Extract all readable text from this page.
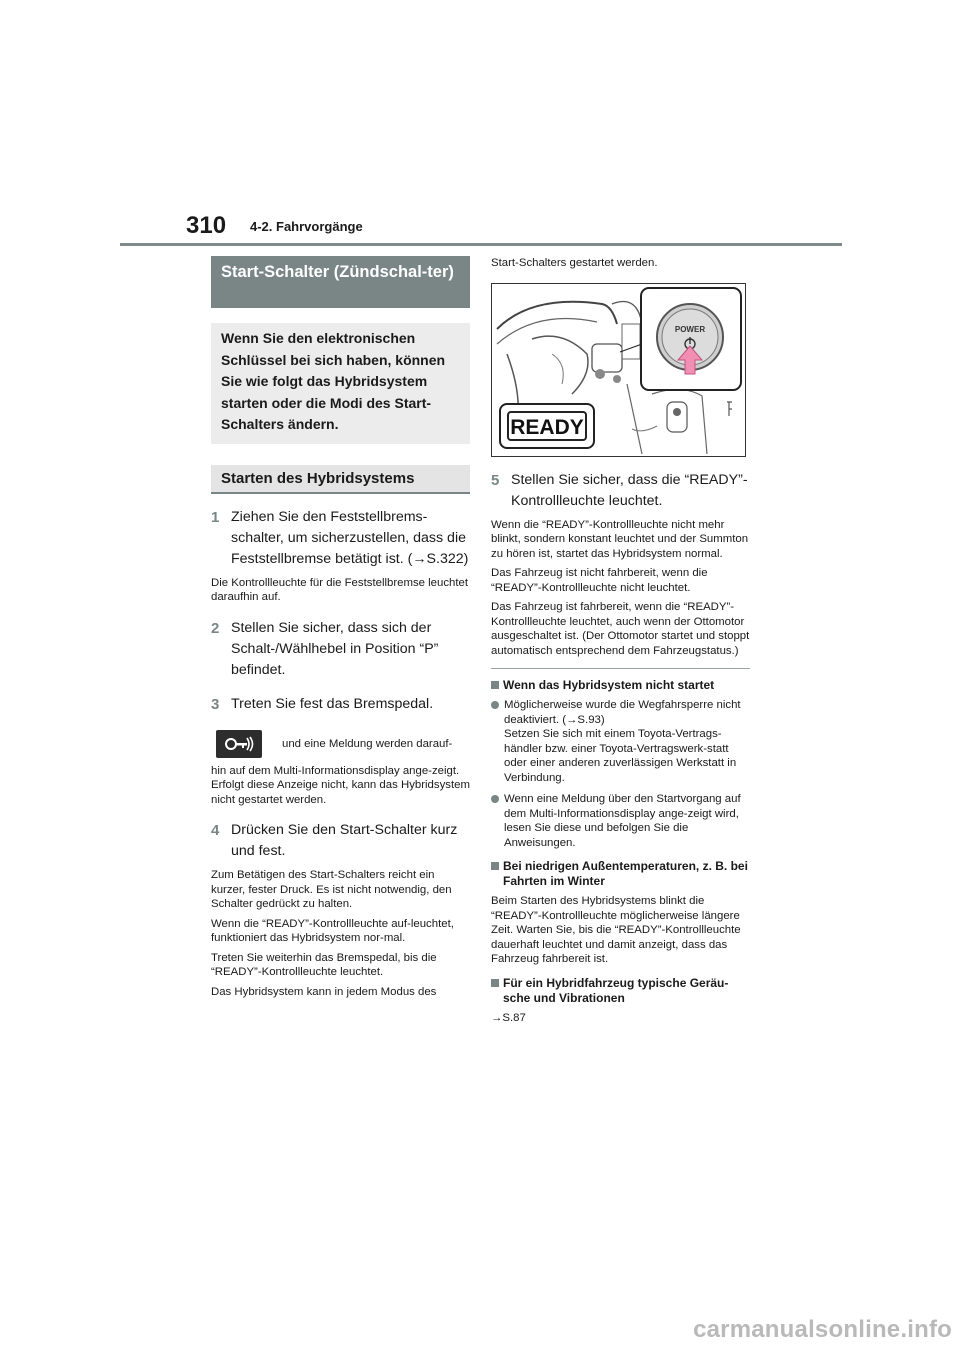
310 4-2. Fahrvorgänge
Start-Schalter (Zündschal-ter)
Wenn Sie den elektronischen Schlüssel bei sich haben, können Sie wie folgt das Hybridsystem starten oder die Modi des Start-Schalters ändern.
Starten des Hybridsystems
1 Ziehen Sie den Feststellbrems-schalter, um sicherzustellen, dass die Feststellbremse betätigt ist. (→S.322)

Die Kontrollleuchte für die Feststellbremse leuchtet daraufhin auf.

2 Stellen Sie sicher, dass sich der Schalt-/Wählhebel in Position “P” befindet.
3 Treten Sie fest das Bremspedal.
und eine Meldung werden darauf-

hin auf dem Multi-Informationsdisplay ange-zeigt.

Erfolgt diese Anzeige nicht, kann das Hybridsystem nicht gestartet werden.

4 Drücken Sie den Start-Schalter kurz und fest.

Zum Betätigen des Start-Schalters reicht ein kurzer, fester Druck. Es ist nicht notwendig, den Schalter gedrückt zu halten.

Wenn die “READY”-Kontrollleuchte auf-leuchtet, funktioniert das Hybridsystem nor-mal.

Treten Sie weiterhin das Bremspedal, bis die “READY”-Kontrollleuchte leuchtet.

Das Hybridsystem kann in jedem Modus des

Start-Schalters gestartet werden.

POWER
READY
5 Stellen Sie sicher, dass die “READY”-Kontrollleuchte leuchtet.

Wenn die “READY”-Kontrollleuchte nicht mehr blinkt, sondern konstant leuchtet und der Summton zu hören ist, startet das Hybridsystem normal.

Das Fahrzeug ist nicht fahrbereit, wenn die “READY”-Kontrollleuchte nicht leuchtet.

Das Fahrzeug ist fahrbereit, wenn die “READY”-Kontrollleuchte leuchtet, auch wenn der Ottomotor ausgeschaltet ist. (Der Ottomotor startet und stoppt automatisch entsprechend dem Fahrzeugstatus.)

Wenn das Hybridsystem nicht startet
Möglicherweise wurde die Wegfahrsperre nicht deaktiviert. (→S.93)
Setzen Sie sich mit einem Toyota-Vertrags-händler bzw. einer Toyota-Vertragswerk-statt oder einer anderen zuverlässigen Werkstatt in Verbindung.
Wenn eine Meldung über den Startvorgang auf dem Multi-Informationsdisplay ange-zeigt wird, lesen Sie diese und befolgen Sie die Anweisungen.
Bei niedrigen Außentemperaturen, z. B. bei Fahrten im Winter
Beim Starten des Hybridsystems blinkt die “READY”-Kontrollleuchte möglicherweise längere Zeit. Warten Sie, bis die “READY”-Kontrollleuchte dauerhaft leuchtet und damit anzeigt, dass das Fahrzeug fahrbereit ist.
Für ein Hybridfahrzeug typische Geräu-sche und Vibrationen
→S.87
carmanualsonline.info
